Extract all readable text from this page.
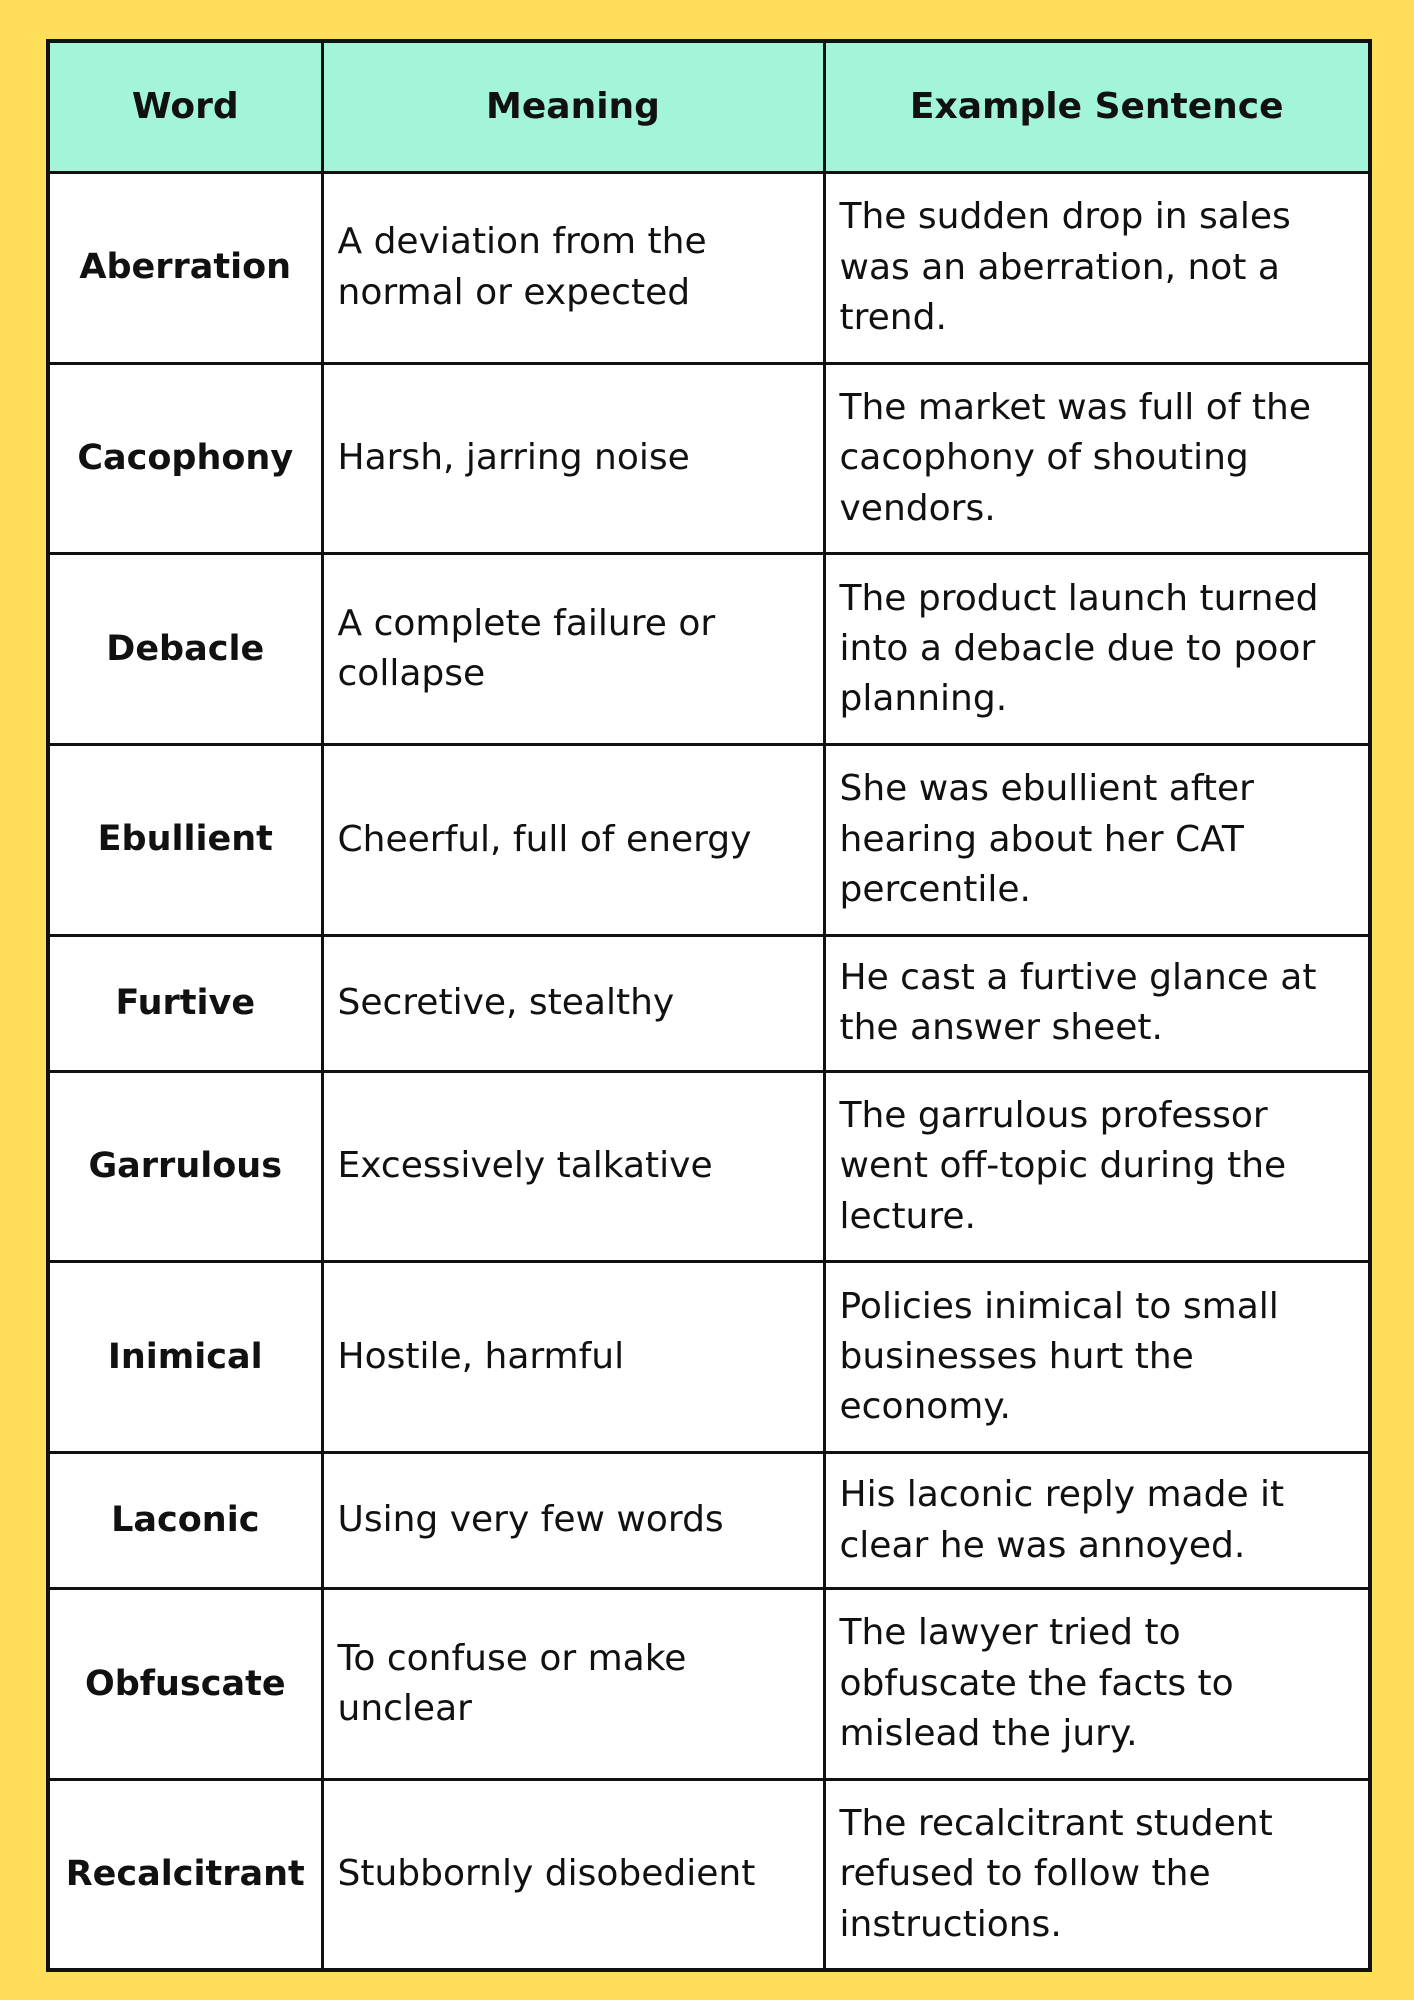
Word	Meaning	Example Sentence
Aberration	A deviation from the normal or expected	The sudden drop in sales was an aberration, not a trend.
Cacophony	Harsh, jarring noise	The market was full of the cacophony of shouting vendors.
Debacle	A complete failure or collapse	The product launch turned into a debacle due to poor planning.
Ebullient	Cheerful, full of energy	She was ebullient after hearing about her CAT percentile.
Furtive	Secretive, stealthy	He cast a furtive glance at the answer sheet.
Garrulous	Excessively talkative	The garrulous professor went off-topic during the lecture.
Inimical	Hostile, harmful	Policies inimical to small businesses hurt the economy.
Laconic	Using very few words	His laconic reply made it clear he was annoyed.
Obfuscate	To confuse or make unclear	The lawyer tried to obfuscate the facts to mislead the jury.
Recalcitrant	Stubbornly disobedient	The recalcitrant student refused to follow the instructions.
